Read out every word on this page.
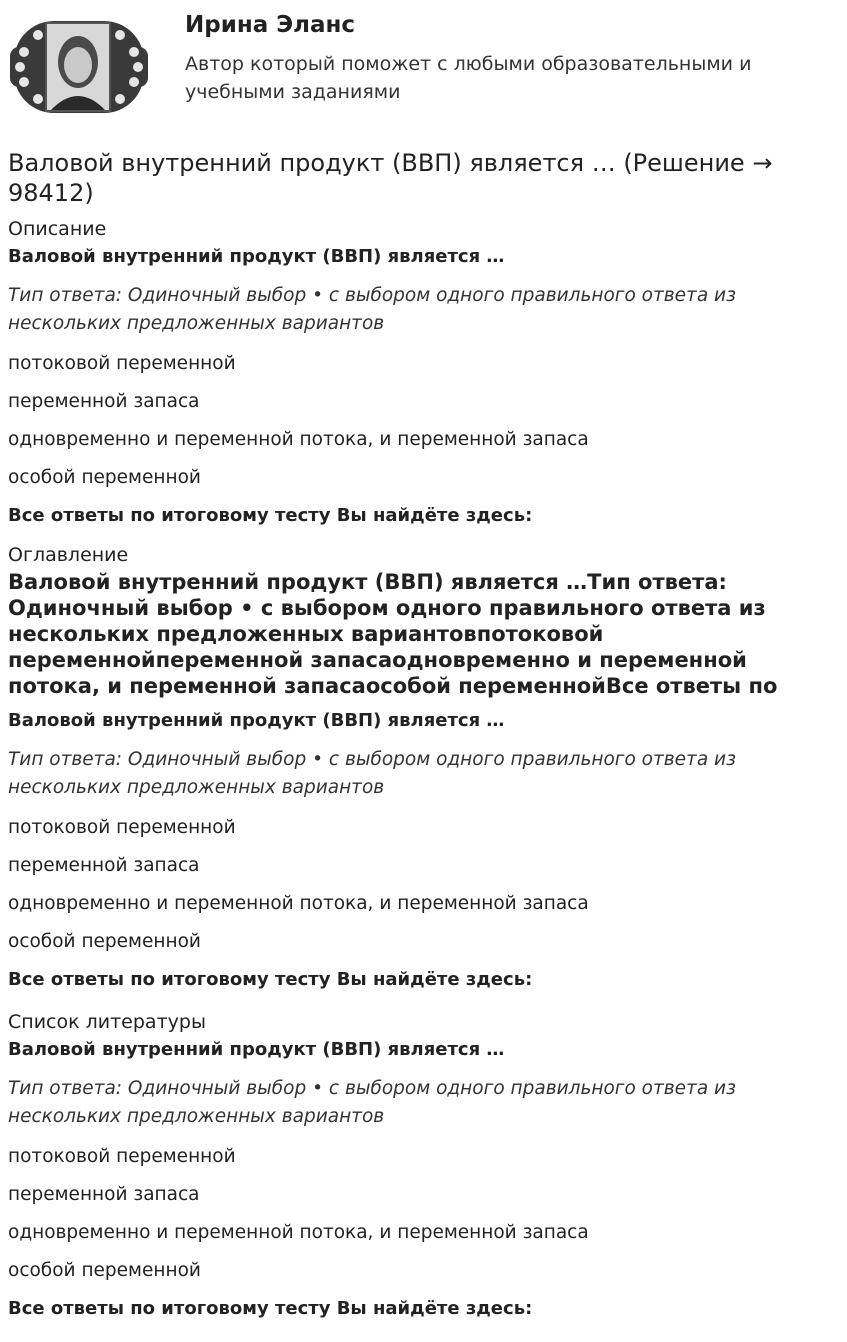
Ирина Эланс
Автор который поможет с любыми образовательными и учебными заданиями
Валовой внутренний продукт (ВВП) является … (Решение → 98412)
Описание
Валовой внутренний продукт (ВВП) является …
Тип ответа: Одиночный выбор • с выбором одного правильного ответа из нескольких предложенных вариантов
потоковой переменной
переменной запаса
одновременно и переменной потока, и переменной запаса
особой переменной
Все ответы по итоговому тесту Вы найдёте здесь:
Оглавление
Валовой внутренний продукт (ВВП) является …Тип ответа: Одиночный выбор • с выбором одного правильного ответа из нескольких предложенных вариантовпотоковой переменнойпеременной запасаодновременно и переменной потока, и переменной запасаособой переменнойВсе ответы по
Валовой внутренний продукт (ВВП) является …
Тип ответа: Одиночный выбор • с выбором одного правильного ответа из нескольких предложенных вариантов
потоковой переменной
переменной запаса
одновременно и переменной потока, и переменной запаса
особой переменной
Все ответы по итоговому тесту Вы найдёте здесь:
Список литературы
Валовой внутренний продукт (ВВП) является …
Тип ответа: Одиночный выбор • с выбором одного правильного ответа из нескольких предложенных вариантов
потоковой переменной
переменной запаса
одновременно и переменной потока, и переменной запаса
особой переменной
Все ответы по итоговому тесту Вы найдёте здесь:
